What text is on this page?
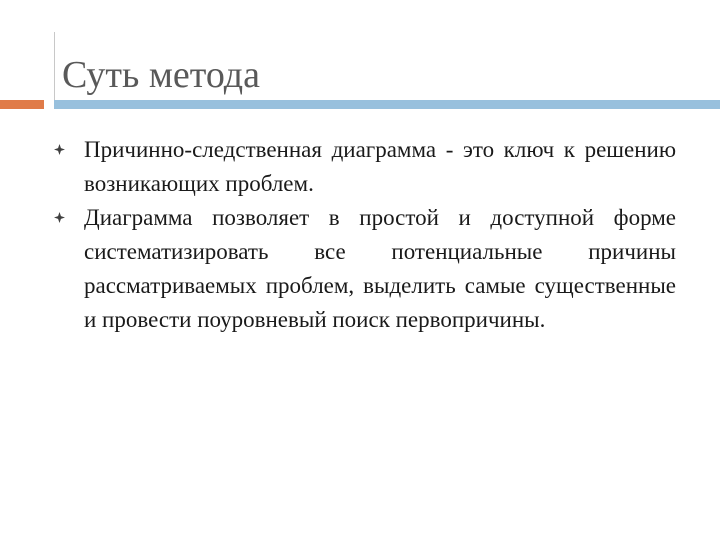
Суть метода
Причинно-следственная диаграмма - это ключ к решению возникающих проблем.
Диаграмма позволяет в простой и доступной форме систематизировать все потенциальные причины рассматриваемых проблем, выделить самые существенные и провести поуровневый поиск первопричины.
